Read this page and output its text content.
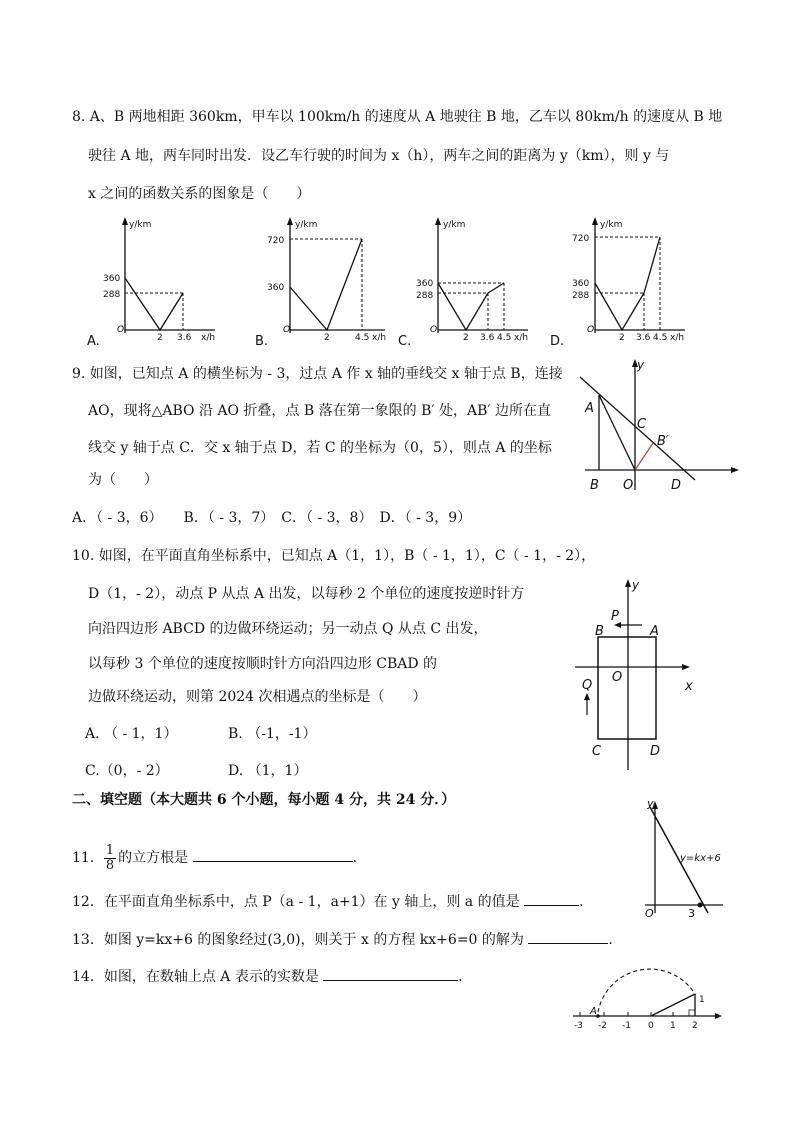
8. A、B 两地相距 360km，甲车以 100km/h 的速度从 A 地驶往 B 地，乙车以 80km/h 的速度从 B 地
驶往 A 地，两车同时出发．设乙车行驶的时间为 x（h），两车之间的距离为 y（km），则 y 与
x 之间的函数关系的图象是（　　）
y/km
360
288
O
2 3.6 x/h
A.
y/km
720
360
O
2	4.5 x/h
B.
y/km
360
288
O
2 3.6 4.5 x/h
C.
y/km
720
360
288
O
2 3.6 4.5 x/h
D.
9. 如图，已知点 A 的横坐标为 - 3，过点 A 作 x 轴的垂线交 x 轴于点 B，连接
AO，现将△ABO 沿 AO 折叠，点 B 落在第一象限的 B′ 处，AB′ 边所在直
线交 y 轴于点 C．交 x 轴于点 D，若 C 的坐标为（0，5），则点 A 的坐标
为（　　）
A．（ - 3，6）　　B．（ - 3，7）　C．（ - 3，8）　D．（ - 3，9）
y
A
C
B′
B O	D
10. 如图，在平面直角坐标系中，已知点 A（1，1），B（ - 1，1），C（ - 1，- 2），
D（1，- 2），动点 P 从点 A 出发，以每秒 2 个单位的速度按逆时针方
向沿四边形 ABCD 的边做环绕运动；另一动点 Q 从点 C 出发，
以每秒 3 个单位的速度按顺时针方向沿四边形 CBAD 的
边做环绕运动，则第 2024 次相遇点的坐标是（　　）
A. （ - 1，1）	B. （-1，-1）
C.（0，- 2）	D. （1，1）
y
P
B	A
O
x
Q
C	D
二、填空题（本大题共 6 个小题，每小题 4 分，共 24 分．）
11． $\frac{1}{8}$ 的立方根是	．
12．在平面直角坐标系中，点 P（a - 1，a+1）在 y 轴上，则 a 的值是	．
13．如图 y=kx+6 的图象经过(3,0)，则关于 x 的方程 kx+6=0 的解为	．
14．如图，在数轴上点 A 表示的实数是	．
y
y=kx+6
O	3
A
1
-3 -2 -1 0 1 2
